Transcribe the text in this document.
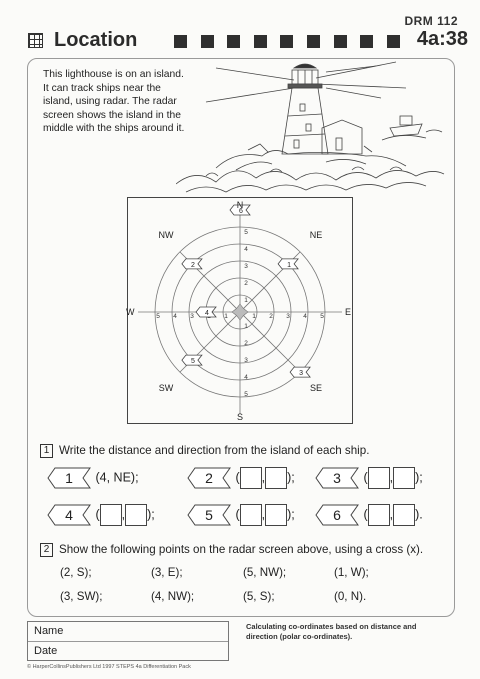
DRM 112
Location	4a:38
This lighthouse is on an island.
It can track ships near the
island, using radar. The radar
screen shows the island in the
middle with the ships around it.
1
1
1
1
2
2
2
3
3
3
3
4
4
4
4
5
5
5
5
1
2
3
4
5
6
N
S
NW	NE
SW	SE
W	E
1 Write the distance and direction from the island of each ship.
1 (4, NE);	2 ( , );	3 ( , );
4 ( , );	5 ( , );	6 ( , ).
2 Show the following points on the radar screen above, using a cross (x).
(2, S);	(3, E);	(5, NW);	(1, W);
(3, SW);	(4, NW);	(5, S);	(0, N).
Name
Date
Calculating co-ordinates based on distance and direction (polar co-ordinates).
© HarperCollinsPublishers Ltd 1997 STEPS 4a Differentiation Pack
